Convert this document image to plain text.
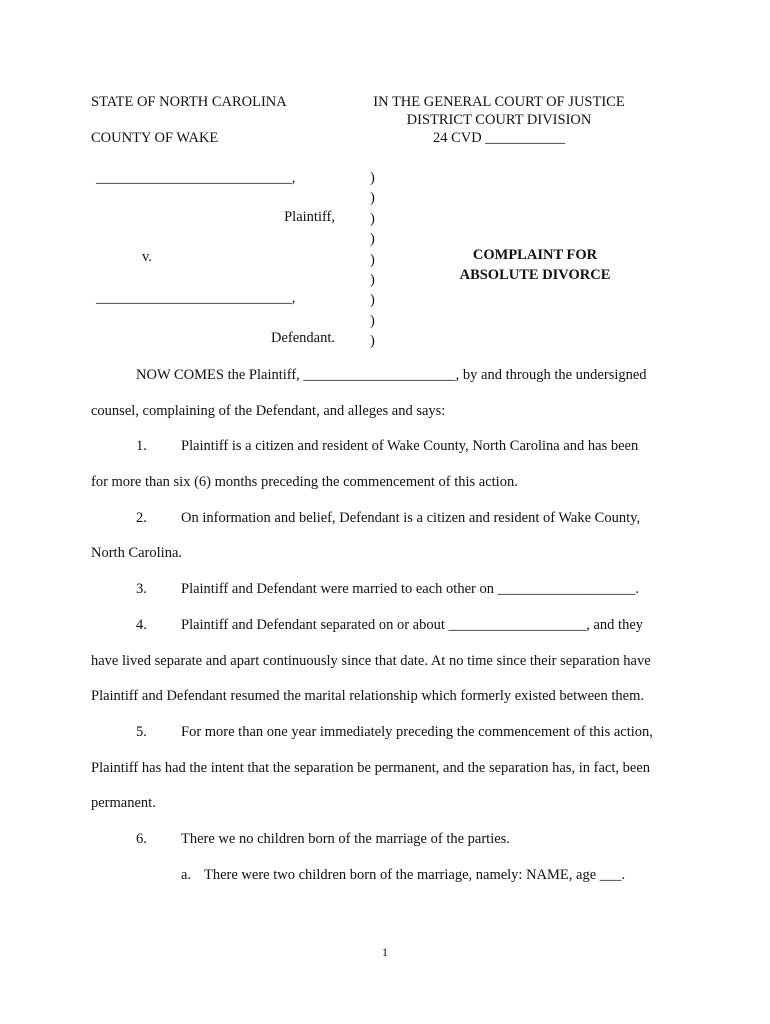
STATE OF NORTH CAROLINA
COUNTY OF WAKE
IN THE GENERAL COURT OF JUSTICE
DISTRICT COURT DIVISION
24 CVD ___________
___________________________,
Plaintiff,
v.
___________________________,
Defendant.
)
)
)
)
)
)
)
)
)
COMPLAINT FOR
ABSOLUTE DIVORCE
NOW COMES the Plaintiff, _____________________, by and through the undersigned
counsel, complaining of the Defendant, and alleges and says:
1. Plaintiff is a citizen and resident of Wake County, North Carolina and has been
for more than six (6) months preceding the commencement of this action.
2. On information and belief, Defendant is a citizen and resident of Wake County,
North Carolina.
3. Plaintiff and Defendant were married to each other on ___________________.
4. Plaintiff and Defendant separated on or about ___________________, and they
have lived separate and apart continuously since that date. At no time since their separation have
Plaintiff and Defendant resumed the marital relationship which formerly existed between them.
5. For more than one year immediately preceding the commencement of this action,
Plaintiff has had the intent that the separation be permanent, and the separation has, in fact, been
permanent.
6. There we no children born of the marriage of the parties.
a. There were two children born of the marriage, namely: NAME, age ___.
1
